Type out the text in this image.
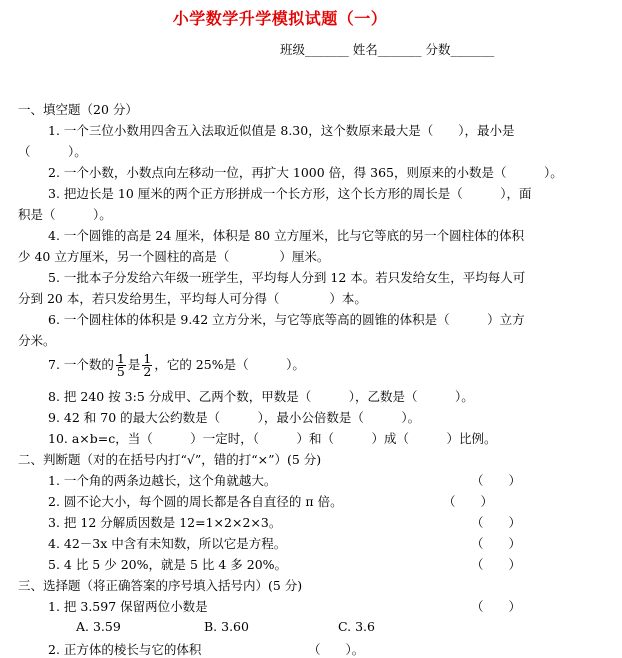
小学数学升学模拟试题（一）
班级_______ 姓名_______ 分数_______
一、填空题（20 分）
1. 一个三位小数用四舍五入法取近似值是 8.30，这个数原来最大是（　　），最小是
（　　　）。
2. 一个小数，小数点向左移动一位，再扩大 1000 倍，得 365，则原来的小数是（　　　）。
3. 把边长是 10 厘米的两个正方形拼成一个长方形，这个长方形的周长是（　　　），面
积是（　　　）。
4. 一个圆锥的高是 24 厘米，体积是 80 立方厘米，比与它等底的另一个圆柱体的体积
少 40 立方厘米，另一个圆柱的高是（　　　　）厘米。
5. 一批本子分发给六年级一班学生，平均每人分到 12 本。若只发给女生，平均每人可
分到 20 本，若只发给男生，平均每人可分得（　　　　）本。
6. 一个圆柱体的体积是 9.42 立方分米，与它等底等高的圆锥的体积是（　　　）立方
分米。
7. 一个数的 $\frac{1}{5}$ 是 $\frac{1}{2}$ ，它的 25%是（　　　）。
8. 把 240 按 3:5 分成甲、乙两个数，甲数是（　　　），乙数是（　　　）。
9. 42 和 70 的最大公约数是（　　　），最小公倍数是（　　　）。
10. a×b=c，当（　　　）一定时，（　　　）和（　　　）成（　　　）比例。
二、判断题（对的在括号内打“√”，错的打“×”）(5 分)
1. 一个角的两条边越长，这个角就越大。	（　　）
2. 圆不论大小，每个圆的周长都是各自直径的 π 倍。	（　　）
3. 把 12 分解质因数是 12=1×2×2×3。	（　　）
4. 42－3x 中含有未知数，所以它是方程。	（　　）
5. 4 比 5 少 20%，就是 5 比 4 多 20%。	（　　）
三、选择题（将正确答案的序号填入括号内）(5 分)
1. 把 3.597 保留两位小数是	（　　）
A. 3.59	B. 3.60	C. 3.6
2. 正方体的棱长与它的体积	（　　）。
